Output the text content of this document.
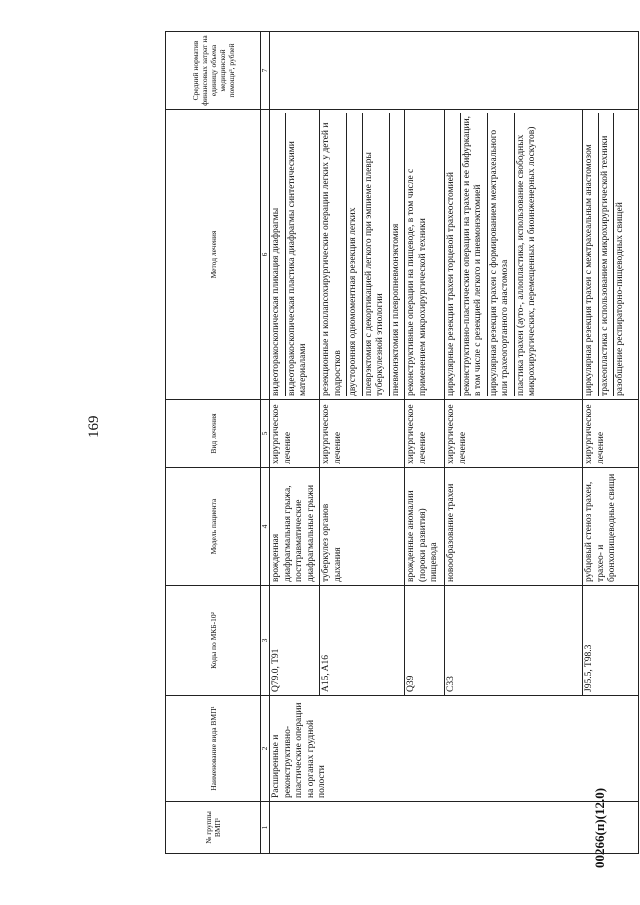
169
№ группы ВМП¹	Наименование вида ВМП¹	Коды по МКБ-10²	Модель пациента	Вид лечения	Метод лечения	Средний норматив финансовых затрат на единицу объема медицинской помощи³, рублей
1	2	3	4	5	6	7
	Расширенные и реконструктивно-пластические операции на органах грудной полости	Q79.0, T91	врожденная диафрагмальная грыжа, посттравматические диафрагмальные грыжи	хирургическое лечение	видеоторакоскопическая пликация диафрагмы видеоторакоскопическая пластика диафрагмы синтетическими материалами	

		A15, A16	туберкулез органов дыхания	хирургическое лечение	резекционные и коллапсохирургические операции легких у детей и подростков двусторонняя одномоментная резекция легких плеврэктомия с декортикацией легкого при эмпиеме плевры туберкулезной этиологии пневмонэктомия и плевропневмонэктомия	

		Q39	врожденные аномалии (пороки развития) пищевода	хирургическое лечение	реконструктивные операции на пищеводе, в том числе с применением микрохирургической техники	

		C33	новообразование трахеи	хирургическое лечение	циркулярные резекции трахеи торцевой трахеостомией реконструктивно-пластические операции на трахее и ее бифуркации, в том числе с резекцией легкого и пневмонэктомией циркулярная резекция трахеи с формированием межтрахеального или трахеогортанного анастомоза пластика трахеи (ауто-, аллопластика, использование свободных микрохирургических, перемещенных и биоинженерных лоскутов)	

		J95.5, T98.3	рубцовый стеноз трахеи, трахео- и бронхопищеводные свищи	хирургическое лечение	циркулярная резекция трахеи с межтрахеальным анастомозом трахеопластика с использованием микрохирургической техники разобщение респираторно-пищеводных свищей	
00266(п)(12.0)
